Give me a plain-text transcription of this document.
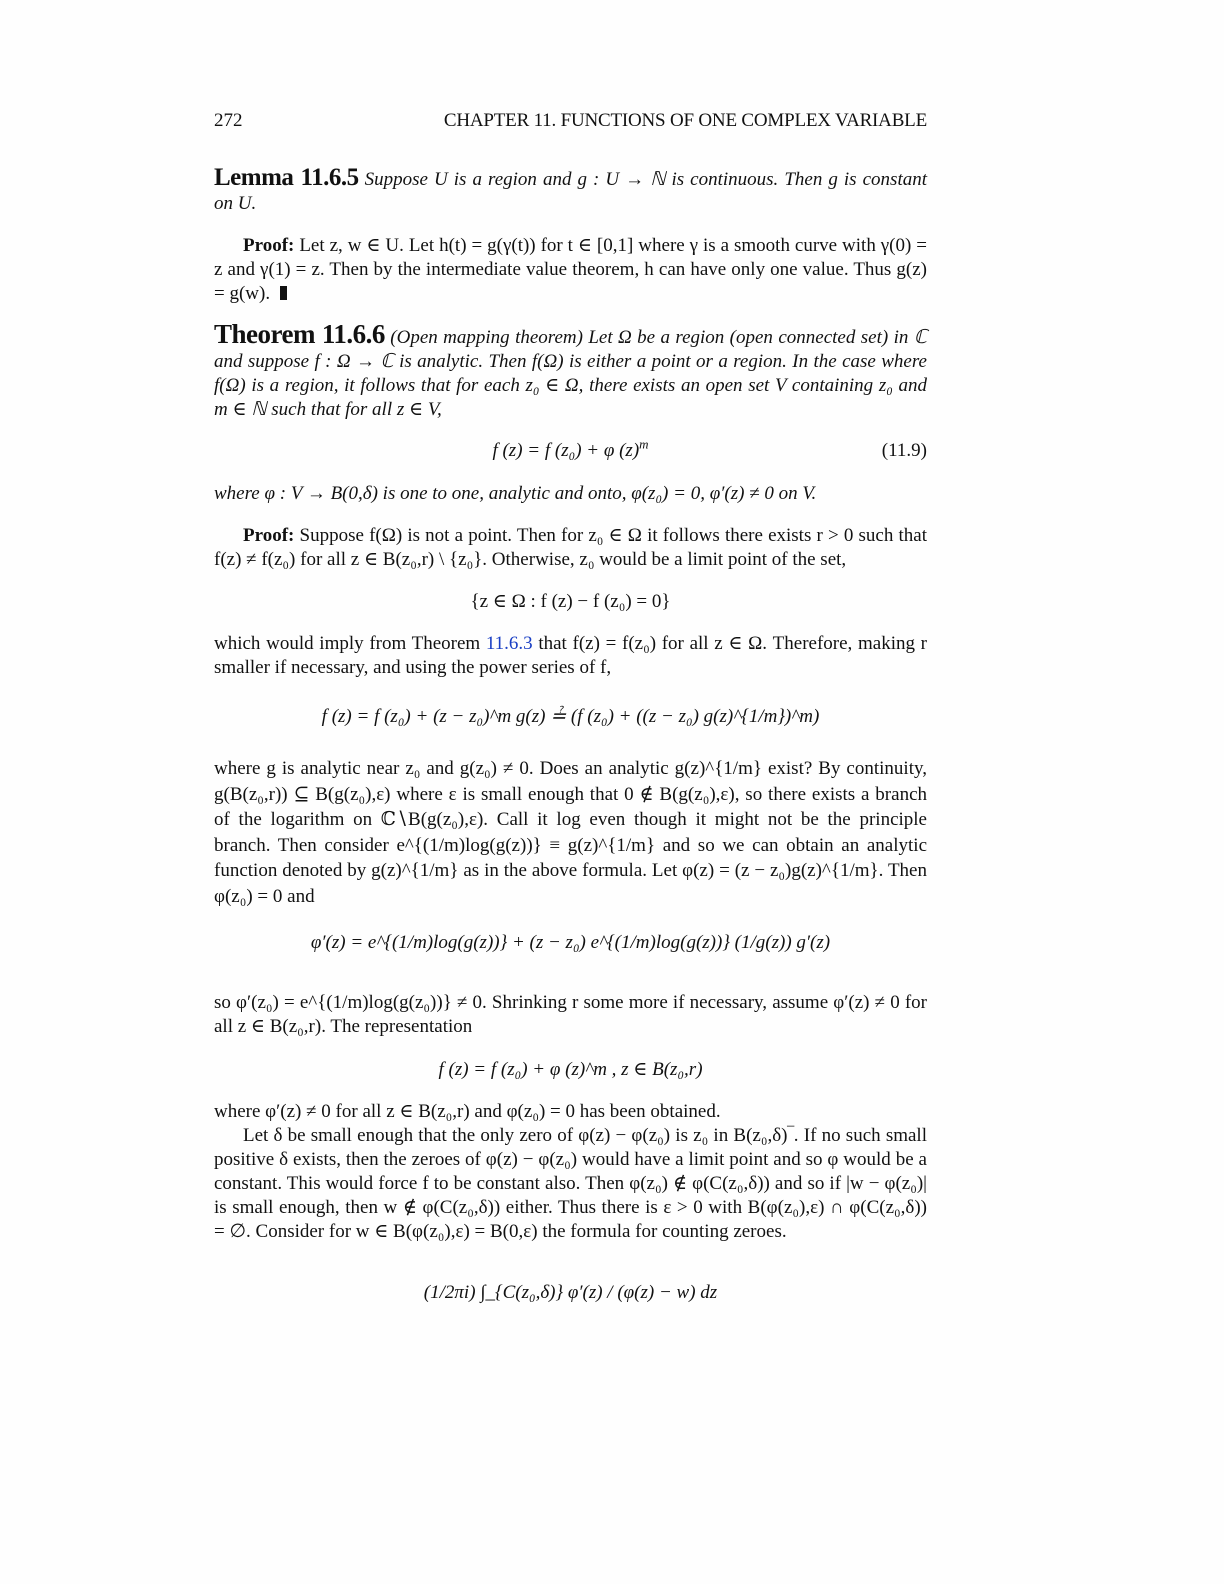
272	CHAPTER 11. FUNCTIONS OF ONE COMPLEX VARIABLE
Lemma 11.6.5 Suppose U is a region and g : U → ℕ is continuous. Then g is constant on U.
Proof: Let z, w ∈ U. Let h(t) = g(γ(t)) for t ∈ [0,1] where γ is a smooth curve with γ(0) = z and γ(1) = z. Then by the intermediate value theorem, h can have only one value. Thus g(z) = g(w).
Theorem 11.6.6 (Open mapping theorem) Let Ω be a region (open connected set) in ℂ and suppose f : Ω → ℂ is analytic. Then f(Ω) is either a point or a region. In the case where f(Ω) is a region, it follows that for each z₀ ∈ Ω, there exists an open set V containing z₀ and m ∈ ℕ such that for all z ∈ V,
f (z) = f (z₀) + φ $(z)^m$	(11.9)
where φ : V → B(0,δ) is one to one, analytic and onto, φ(z₀) = 0, φ′(z) ≠ 0 on V.
Proof: Suppose f(Ω) is not a point. Then for z₀ ∈ Ω it follows there exists r > 0 such that f(z) ≠ f(z₀) for all z ∈ B(z₀,r) \ {z₀}. Otherwise, z₀ would be a limit point of the set,
{z ∈ Ω : f (z) − f (z₀) = 0}
which would imply from Theorem 11.6.3 that f(z) = f(z₀) for all z ∈ Ω. Therefore, making r smaller if necessary, and using the power series of f,
f (z) = f (z₀) + (z − z₀)^m g(z) ≟ (f (z₀) + ((z − z₀) g(z)^{1/m})^m)
where g is analytic near z₀ and g(z₀) ≠ 0. Does an analytic g(z)^{1/m} exist? By continuity, g(B(z₀,r)) ⊆ B(g(z₀),ε) where ε is small enough that 0 ∉ B(g(z₀),ε), so there exists a branch of the logarithm on ℂ∖B(g(z₀),ε). Call it log even though it might not be the principle branch. Then consider e^{(1/m)log(g(z))} ≡ g(z)^{1/m} and so we can obtain an analytic function denoted by g(z)^{1/m} as in the above formula. Let φ(z) = (z − z₀)g(z)^{1/m}. Then φ(z₀) = 0 and
φ′(z) = e^{(1/m)log(g(z))} + (z − z₀) e^{(1/m)log(g(z))} (1/g(z)) g′(z)
so φ′(z₀) = e^{(1/m)log(g(z₀))} ≠ 0. Shrinking r some more if necessary, assume φ′(z) ≠ 0 for all z ∈ B(z₀,r). The representation
f (z) = f (z₀) + φ (z)^m , z ∈ B(z₀,r)
where φ′(z) ≠ 0 for all z ∈ B(z₀,r) and φ(z₀) = 0 has been obtained.
Let δ be small enough that the only zero of φ(z) − φ(z₀) is z₀ in B(z₀,δ)‾. If no such small positive δ exists, then the zeroes of φ(z) − φ(z₀) would have a limit point and so φ would be a constant. This would force f to be constant also. Then φ(z₀) ∉ φ(C(z₀,δ)) and so if |w − φ(z₀)| is small enough, then w ∉ φ(C(z₀,δ)) either. Thus there is ε > 0 with B(φ(z₀),ε) ∩ φ(C(z₀,δ)) = ∅. Consider for w ∈ B(φ(z₀),ε) = B(0,ε) the formula for counting zeroes.
(1/2πi) ∫_{C(z₀,δ)} φ′(z) / (φ(z) − w) dz
